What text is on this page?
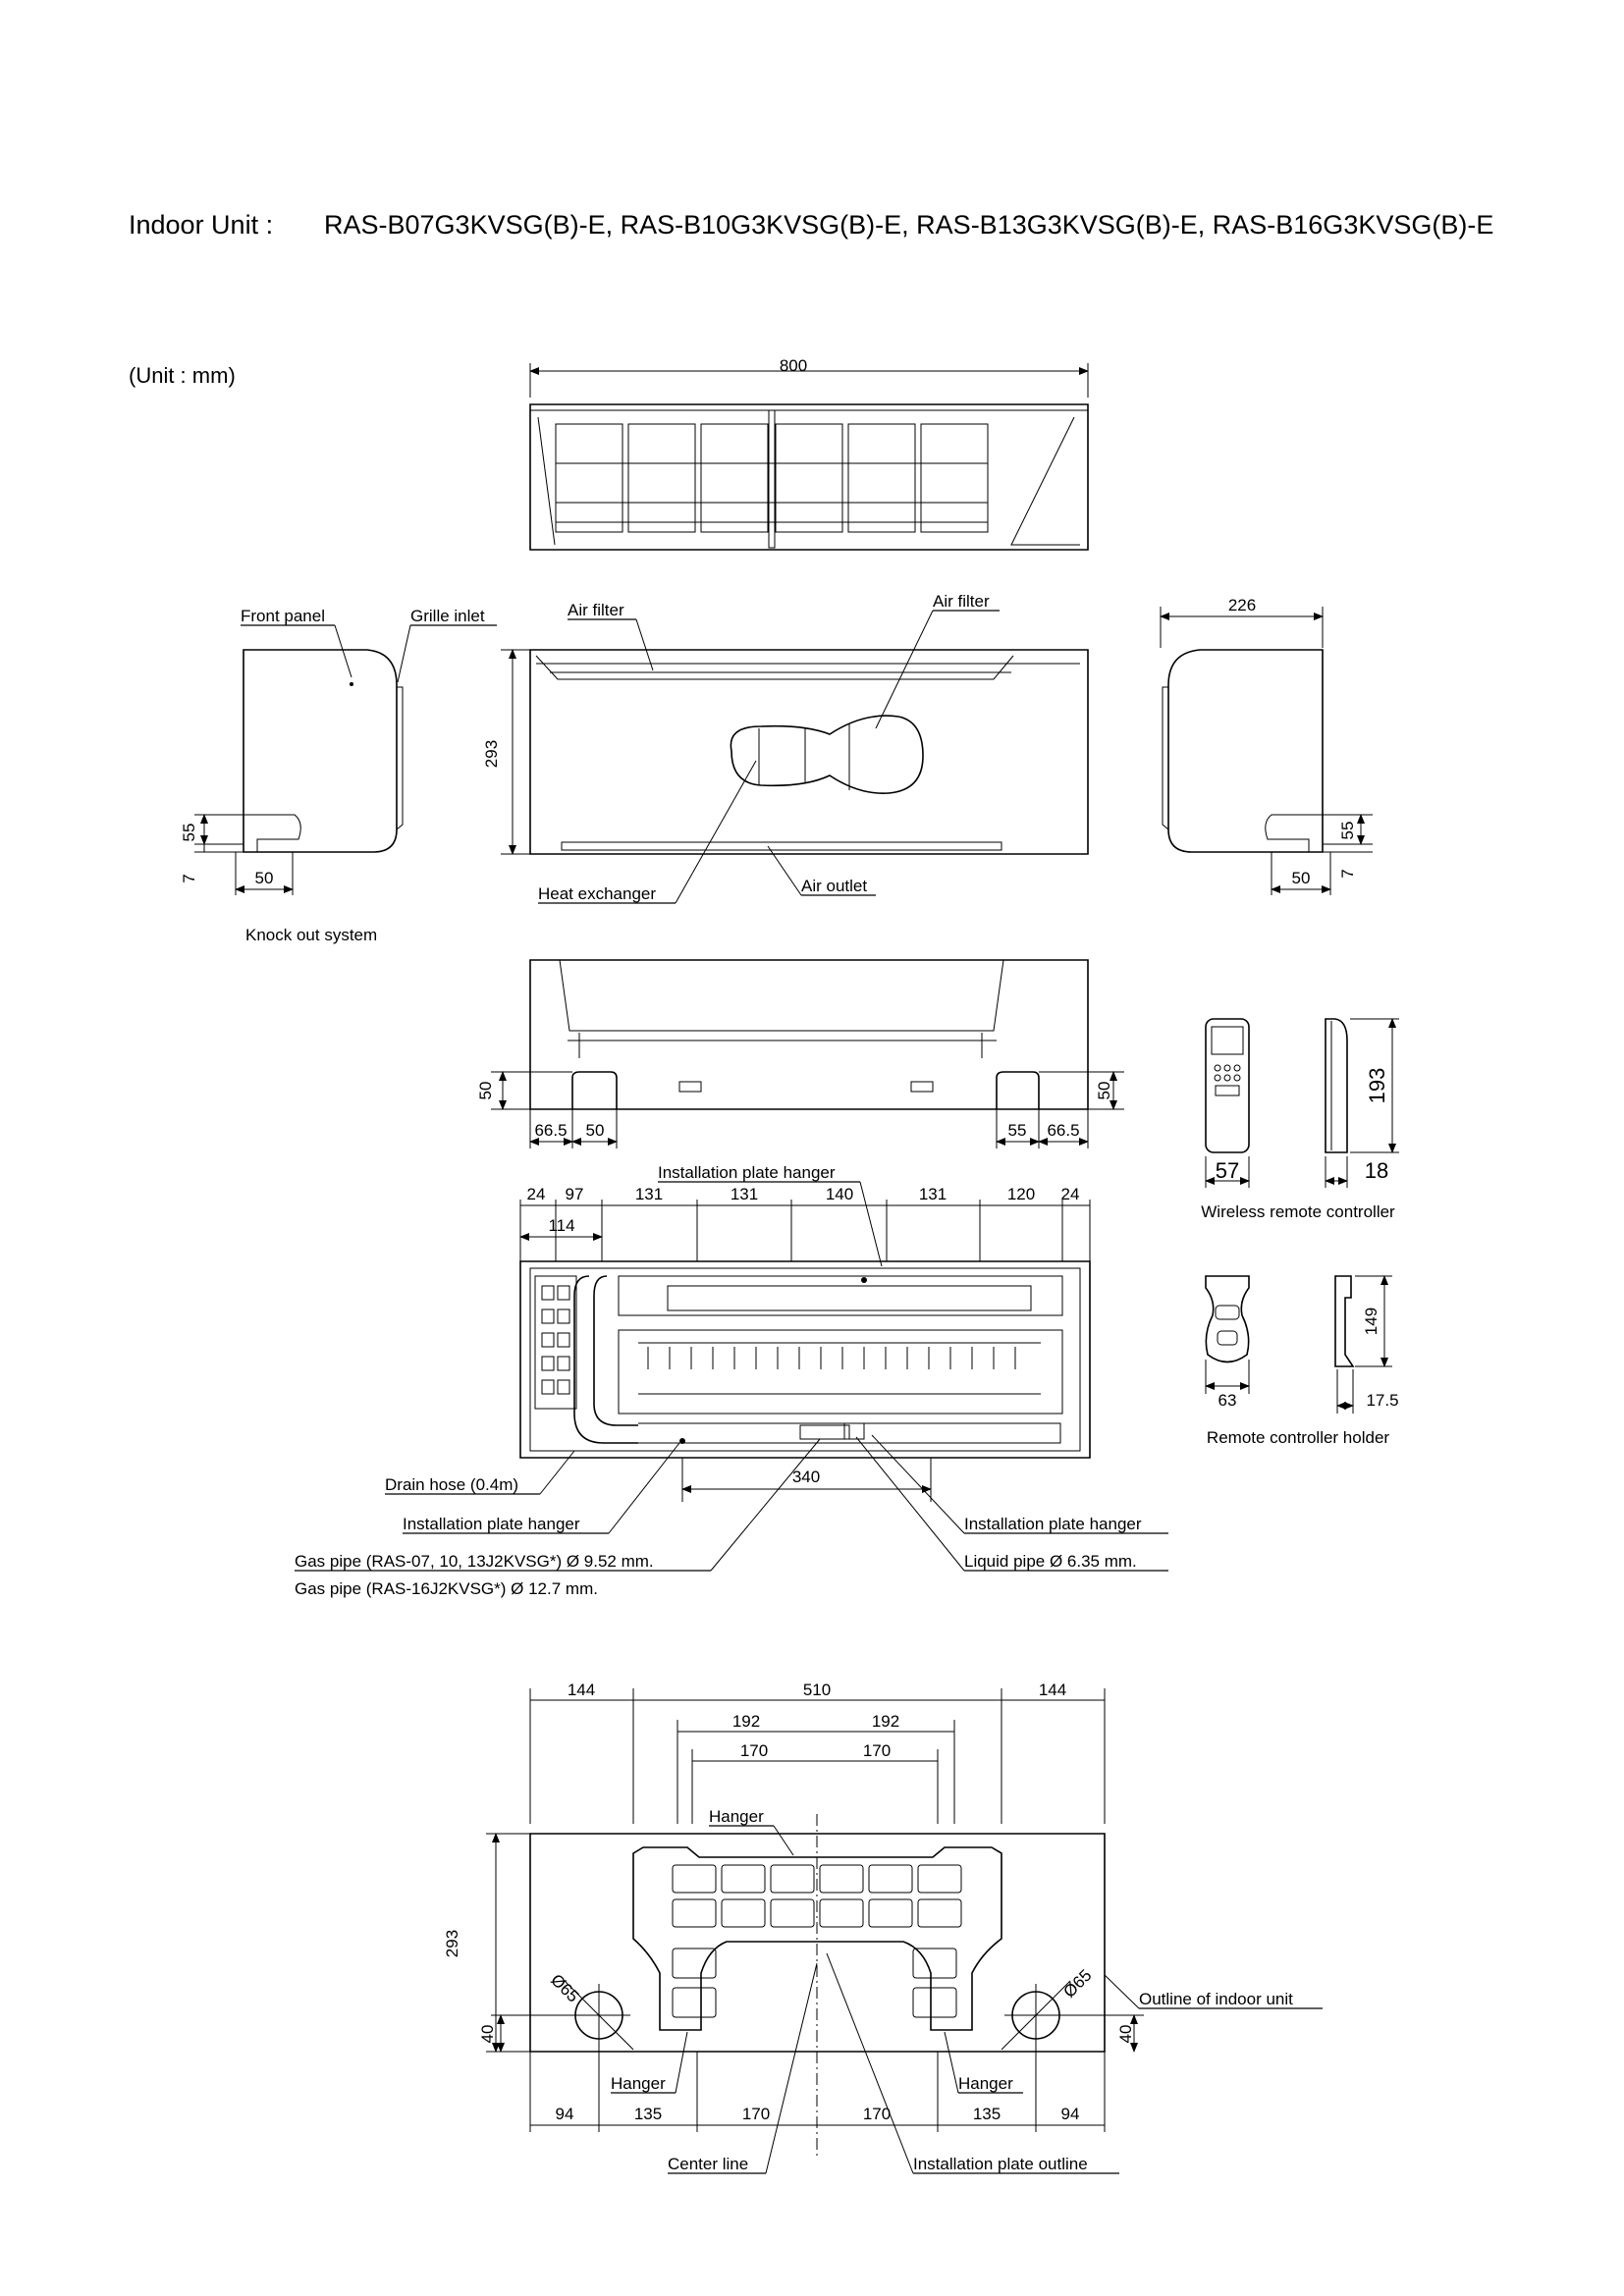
Indoor Unit : RAS-B07G3KVSG(B)-E, RAS-B10G3KVSG(B)-E, RAS-B13G3KVSG(B)-E, RAS-B16G3KVSG(B)-E
(Unit : mm)	800
Front panel	Grille inlet
55
7	50
Knock out system
Air filter	Air filter
293
Heat exchanger	Air outlet
226
55
7
50
50	50
66.5 50	55 66.5
Installation plate hanger
24 97	131	131	140	131	120 24
114
340
Drain hose (0.4m)
Installation plate hanger	Installation plate hanger
Gas pipe (RAS-07, 10, 13J2KVSG*) Ø 9.52 mm.
Gas pipe (RAS-16J2KVSG*) Ø 12.7 mm.
Liquid pipe Ø 6.35 mm.
57
193
18
Wireless remote controller
63
149
17.5
Remote controller holder
144	510	144
192	192
170	170
Hanger
293
Ø65	Ø65	Outline of indoor unit
40	40
Hanger	Hanger
94	135	170	170	135	94
Center line	Installation plate outline
